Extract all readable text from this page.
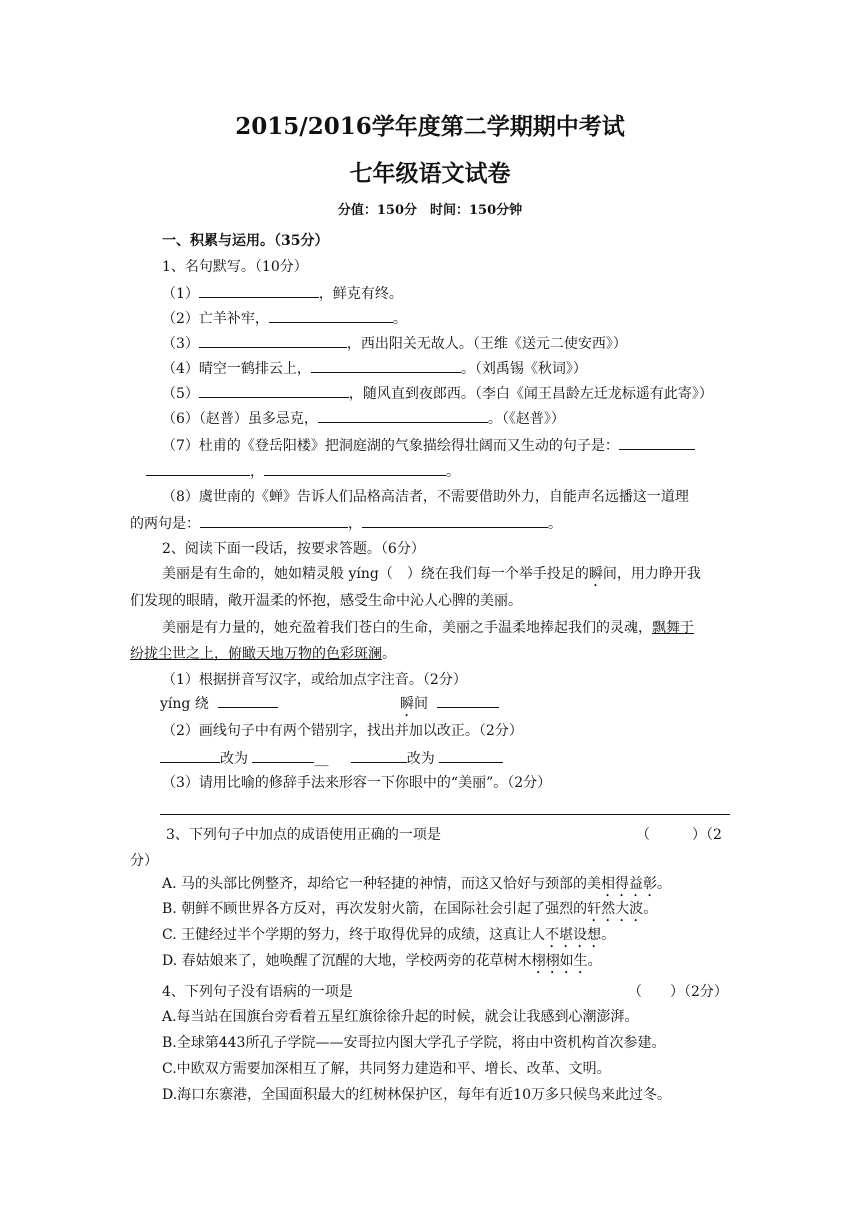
2015/2016学年度第二学期期中考试
七年级语文试卷
分值：150分　时间：150分钟
一、积累与运用。（35分）
1、名句默写。（10分）
（1）	，鲜克有终。
（2）亡羊补牢，	。
（3）	，西出阳关无故人。（王维《送元二使安西》）
（4）晴空一鹤排云上，	。（刘禹锡《秋词》）
（5）	，随风直到夜郎西。（李白《闻王昌龄左迁龙标遥有此寄》）
（6）（赵普）虽多忌克，	。（《赵普》）
（7）杜甫的《登岳阳楼》把洞庭湖的气象描绘得壮阔而又生动的句子是：
，	。
（8）虞世南的《蝉》告诉人们品格高洁者，不需要借助外力，自能声名远播这一道理
的两句是：	，	。
2、阅读下面一段话，按要求答题。（6分）
美丽是有生命的，她如精灵般 yíng（　）绕在我们每一个举手投足的瞬间，用力睁开我
们发现的眼睛，敞开温柔的怀抱，感受生命中沁人心脾的美丽。
美丽是有力量的，她充盈着我们苍白的生命，美丽之手温柔地捧起我们的灵魂，飘舞于
纷拢尘世之上，俯瞰天地万物的色彩斑澜。
（1）根据拼音写汉字，或给加点字注音。（2分）
yíng 绕	瞬间
（2）画线句子中有两个错别字，找出并加以改正。（2分）
改为	__	改为
（3）请用比喻的修辞手法来形容一下你眼中的“美丽”。（2分）
3、下列句子中加点的成语使用正确的一项是	（　　　）（2
分）
A. 马的头部比例整齐，却给它一种轻捷的神情，而这又恰好与颈部的美相得益彰。
B. 朝鲜不顾世界各方反对，再次发射火箭，在国际社会引起了强烈的轩然大波。
C. 王健经过半个学期的努力，终于取得优异的成绩，这真让人不堪设想。
D. 春姑娘来了，她唤醒了沉醒的大地，学校两旁的花草树木栩栩如生。
4、下列句子没有语病的一项是	（　　）（2分）
A.每当站在国旗台旁看着五星红旗徐徐升起的时候，就会让我感到心潮澎湃。
B.全球第443所孔子学院——安哥拉内图大学孔子学院，将由中资机构首次参建。
C.中欧双方需要加深相互了解，共同努力建造和平、增长、改革、文明。
D.海口东寨港，全国面积最大的红树林保护区，每年有近10万多只候鸟来此过冬。
